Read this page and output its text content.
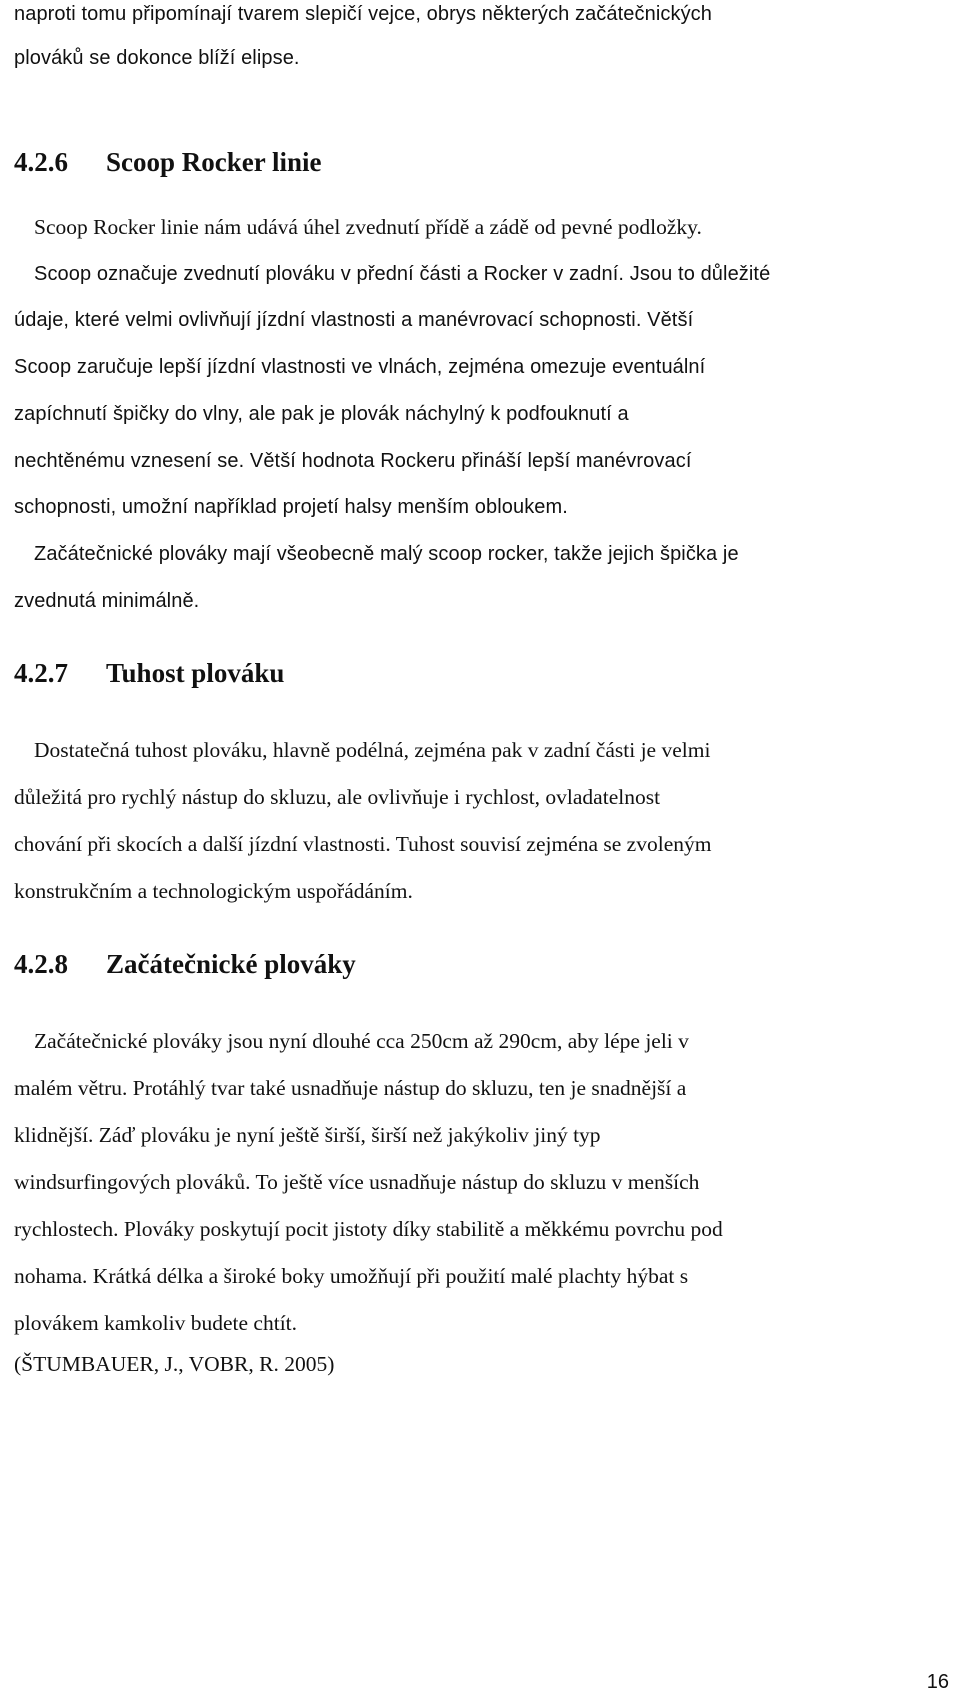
naproti tomu připomínají tvarem slepičí vejce, obrys některých začátečnických
plováků se dokonce blíží elipse.
4.2.6 Scoop Rocker linie
Scoop Rocker linie nám udává úhel zvednutí přídě a zádě od pevné podložky.
Scoop označuje zvednutí plováku v přední části a Rocker v zadní. Jsou to důležité
údaje, které velmi ovlivňují jízdní vlastnosti a manévrovací schopnosti. Větší
Scoop zaručuje lepší jízdní vlastnosti ve vlnách, zejména omezuje eventuální
zapíchnutí špičky do vlny, ale pak je plovák náchylný k podfouknutí a
nechtěnému vznesení se. Větší hodnota Rockeru přináší lepší manévrovací
schopnosti, umožní například projetí halsy menším obloukem.
Začátečnické plováky mají všeobecně malý scoop rocker, takže jejich špička je
zvednutá minimálně.
4.2.7 Tuhost plováku
Dostatečná tuhost plováku, hlavně podélná, zejména pak v zadní části je velmi
důležitá pro rychlý nástup do skluzu, ale ovlivňuje i rychlost, ovladatelnost
chování při skocích a další jízdní vlastnosti. Tuhost souvisí zejména se zvoleným
konstrukčním a technologickým uspořádáním.
4.2.8 Začátečnické plováky
Začátečnické plováky jsou nyní dlouhé cca 250cm až 290cm, aby lépe jeli v
malém větru. Protáhlý tvar také usnadňuje nástup do skluzu, ten je snadnější a
klidnější. Záď plováku je nyní ještě širší, širší než jakýkoliv jiný typ
windsurfingových plováků. To ještě více usnadňuje nástup do skluzu v menších
rychlostech. Plováky poskytují pocit jistoty díky stabilitě a měkkému povrchu pod
nohama. Krátká délka a široké boky umožňují při použití malé plachty hýbat s
plovákem kamkoliv budete chtít.
(ŠTUMBAUER, J., VOBR, R. 2005)
16
